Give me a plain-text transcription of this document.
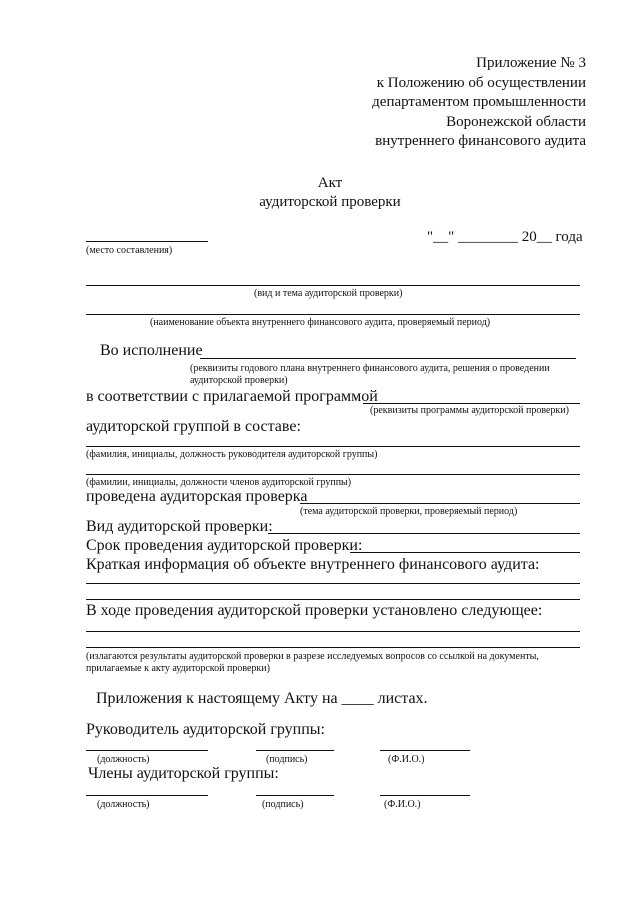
Приложение № 3
к Положению об осуществлении
департаментом промышленности
Воронежской области
внутреннего финансового аудита
Акт
аудиторской проверки
(место составления)
"__" ________ 20__ года
(вид и тема аудиторской проверки)
(наименование объекта внутреннего финансового аудита, проверяемый период)
Во исполнение
(реквизиты годового плана внутреннего финансового аудита, решения о проведении
аудиторской проверки)
в соответствии с прилагаемой программой
(реквизиты программы аудиторской проверки)
аудиторской группой в составе:
(фамилия, инициалы, должность руководителя аудиторской группы)
(фамилии, инициалы, должности членов аудиторской группы)
проведена аудиторская проверка
(тема аудиторской проверки, проверяемый период)
Вид аудиторской проверки:
Срок проведения аудиторской проверки:
Краткая информация об объекте внутреннего финансового аудита:
В ходе проведения аудиторской проверки установлено следующее:
(излагаются результаты аудиторской проверки в разрезе исследуемых вопросов со ссылкой на документы,
прилагаемые к акту аудиторской проверки)
Приложения к настоящему Акту на ____ листах.
Руководитель аудиторской группы:
(должность)	(подпись)	(Ф.И.О.)
Члены аудиторской группы:
(должность)	(подпись)	(Ф.И.О.)
